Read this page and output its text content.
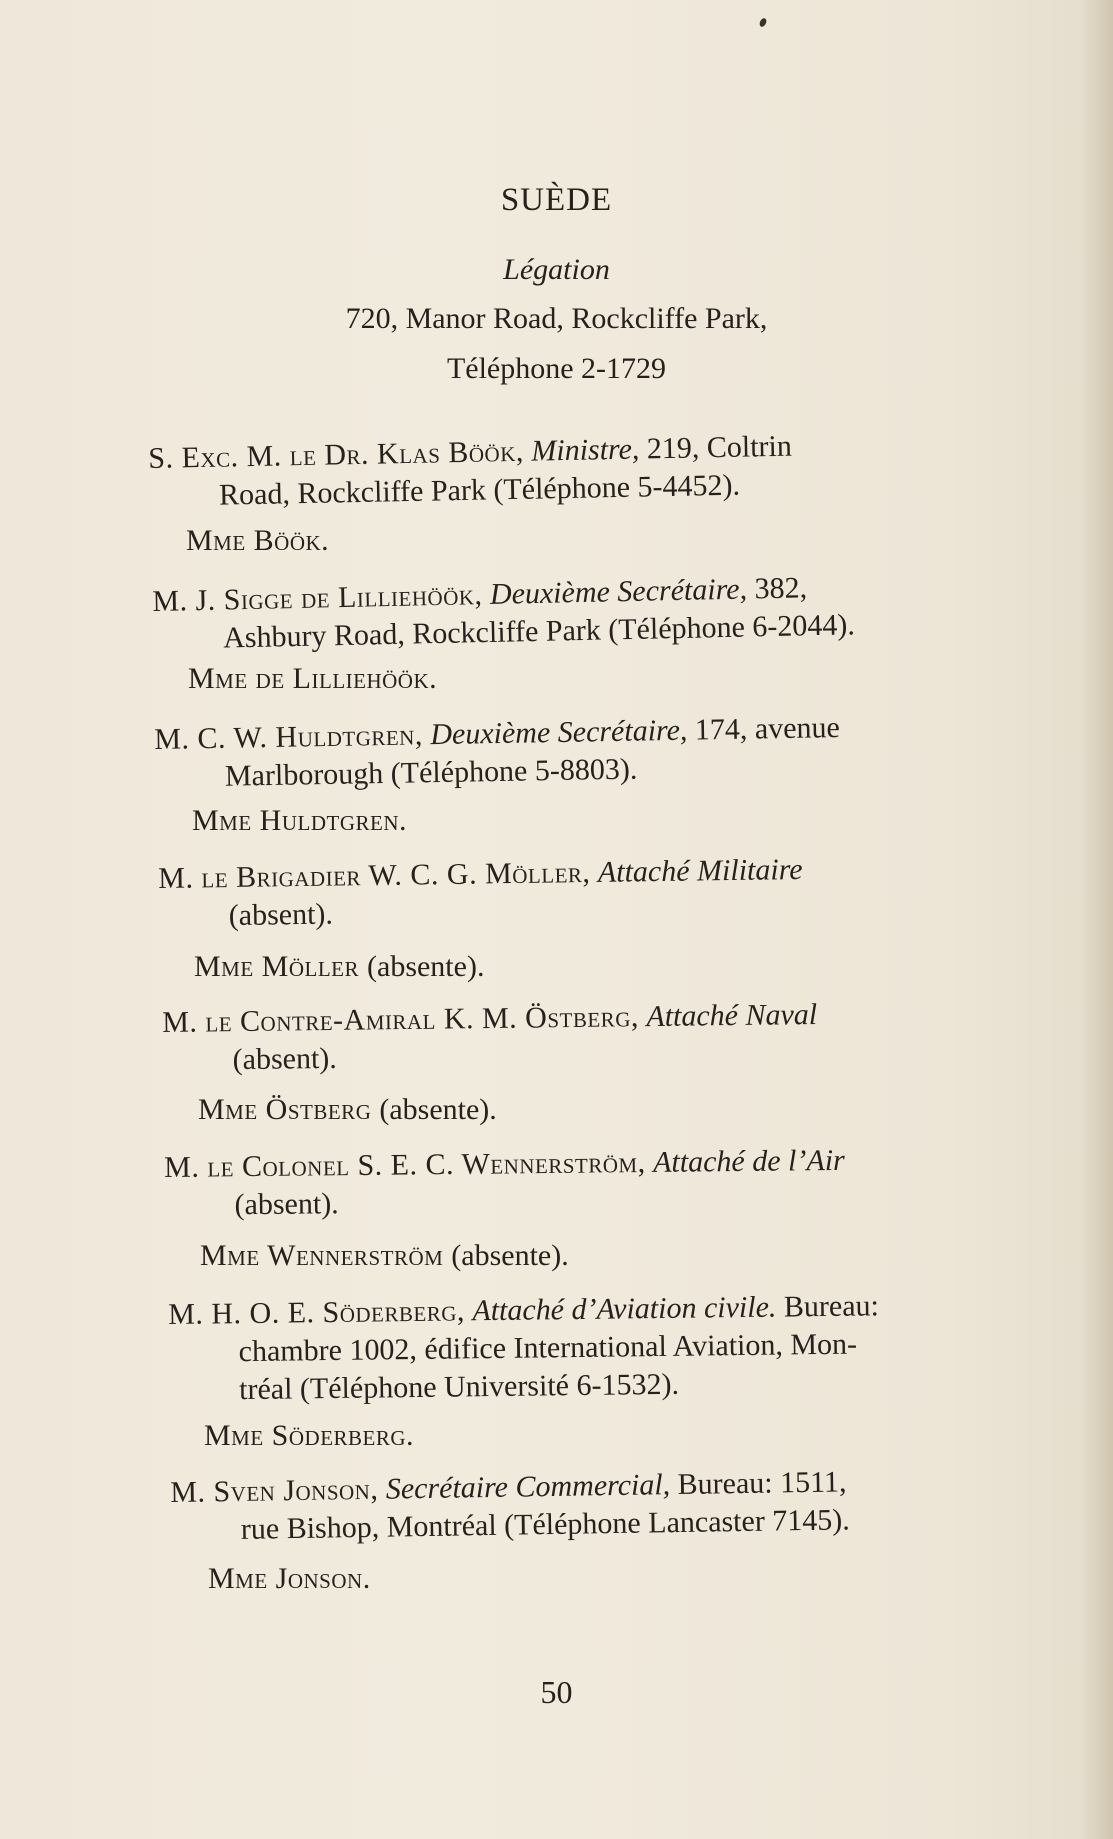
SUÈDE
Légation
720, Manor Road, Rockcliffe Park,
Téléphone 2-1729
S. Exc. M. le Dr. Klas Böök, Ministre, 219, Coltrin
Road, Rockcliffe Park (Téléphone 5-4452).
Mme Böök.
M. J. Sigge de Lilliehöök, Deuxième Secrétaire, 382,
Ashbury Road, Rockcliffe Park (Téléphone 6-2044).
Mme de Lilliehöök.
M. C. W. Huldtgren, Deuxième Secrétaire, 174, avenue
Marlborough (Téléphone 5-8803).
Mme Huldtgren.
M. le Brigadier W. C. G. Möller, Attaché Militaire
(absent).
Mme Möller (absente).
M. le Contre-Amiral K. M. Östberg, Attaché Naval
(absent).
Mme Östberg (absente).
M. le Colonel S. E. C. Wennerström, Attaché de l’Air
(absent).
Mme Wennerström (absente).
M. H. O. E. Söderberg, Attaché d’Aviation civile. Bureau:
chambre 1002, édifice International Aviation, Mon-
tréal (Téléphone Université 6-1532).
Mme Söderberg.
M. Sven Jonson, Secrétaire Commercial, Bureau: 1511,
rue Bishop, Montréal (Téléphone Lancaster 7145).
Mme Jonson.
50
